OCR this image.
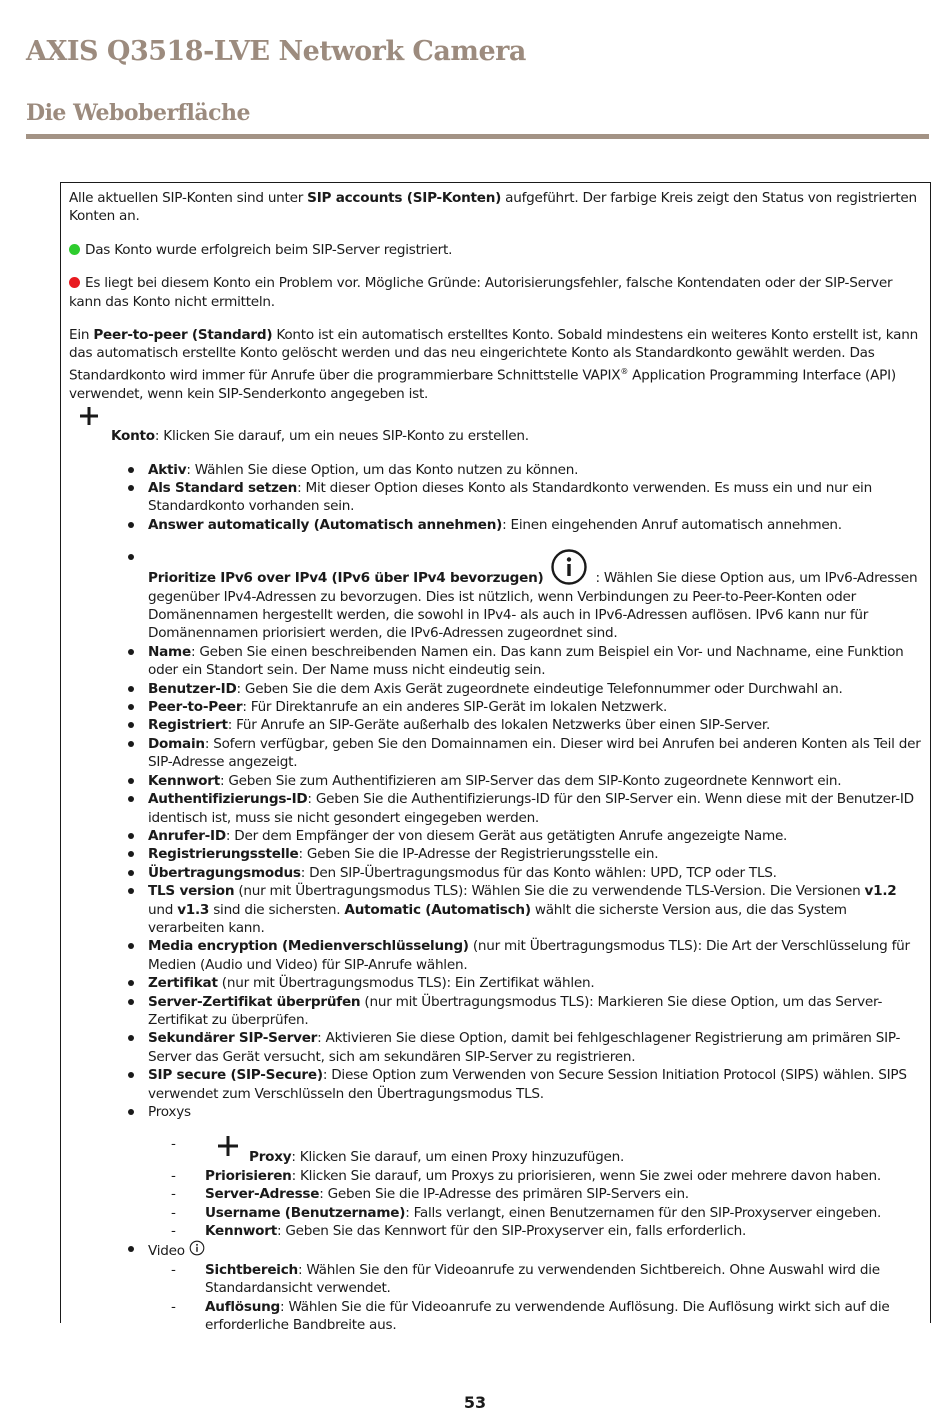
AXIS Q3518-LVE Network Camera
Die Weboberfläche

Alle aktuellen SIP-Konten sind unter SIP accounts (SIP-Konten) aufgeführt. Der farbige Kreis zeigt den Status von registrierten Konten an.

Das Konto wurde erfolgreich beim SIP-Server registriert.

Es liegt bei diesem Konto ein Problem vor. Mögliche Gründe: Autorisierungsfehler, falsche Kontendaten oder der SIP-Server kann das Konto nicht ermitteln.

Ein Peer-to-peer (Standard) Konto ist ein automatisch erstelltes Konto. Sobald mindestens ein weiteres Konto erstellt ist, kann das automatisch erstellte Konto gelöscht werden und das neu eingerichtete Konto als Standardkonto gewählt werden. Das Standardkonto wird immer für Anrufe über die programmierbare Schnittstelle VAPIX® Application Programming Interface (API) verwendet, wenn kein SIP-Senderkonto angegeben ist.

Konto: Klicken Sie darauf, um ein neues SIP-Konto zu erstellen.
Aktiv: Wählen Sie diese Option, um das Konto nutzen zu können.
Als Standard setzen: Mit dieser Option dieses Konto als Standardkonto verwenden. Es muss ein und nur ein Standardkonto vorhanden sein.
Answer automatically (Automatisch annehmen): Einen eingehenden Anruf automatisch annehmen.
Prioritize IPv6 over IPv4 (IPv6 über IPv4 bevorzugen)	: Wählen Sie diese Option aus, um IPv6-Adressen gegenüber IPv4-Adressen zu bevorzugen. Dies ist nützlich, wenn Verbindungen zu Peer-to-Peer-Konten oder Domänennamen hergestellt werden, die sowohl in IPv4- als auch in IPv6-Adressen auflösen. IPv6 kann nur für Domänennamen priorisiert werden, die IPv6-Adressen zugeordnet sind.
Name: Geben Sie einen beschreibenden Namen ein. Das kann zum Beispiel ein Vor- und Nachname, eine Funktion oder ein Standort sein. Der Name muss nicht eindeutig sein.
Benutzer-ID: Geben Sie die dem Axis Gerät zugeordnete eindeutige Telefonnummer oder Durchwahl an.
Peer-to-Peer: Für Direktanrufe an ein anderes SIP-Gerät im lokalen Netzwerk.
Registriert: Für Anrufe an SIP-Geräte außerhalb des lokalen Netzwerks über einen SIP-Server.
Domain: Sofern verfügbar, geben Sie den Domainnamen ein. Dieser wird bei Anrufen bei anderen Konten als Teil der SIP-Adresse angezeigt.
Kennwort: Geben Sie zum Authentifizieren am SIP-Server das dem SIP-Konto zugeordnete Kennwort ein.
Authentifizierungs-ID: Geben Sie die Authentifizierungs-ID für den SIP-Server ein. Wenn diese mit der Benutzer-ID identisch ist, muss sie nicht gesondert eingegeben werden.
Anrufer-ID: Der dem Empfänger der von diesem Gerät aus getätigten Anrufe angezeigte Name.
Registrierungsstelle: Geben Sie die IP-Adresse der Registrierungsstelle ein.
Übertragungsmodus: Den SIP-Übertragungsmodus für das Konto wählen: UPD, TCP oder TLS.
TLS version (nur mit Übertragungsmodus TLS): Wählen Sie die zu verwendende TLS-Version. Die Versionen v1.2 und v1.3 sind die sichersten. Automatic (Automatisch) wählt die sicherste Version aus, die das System verarbeiten kann.
Media encryption (Medienverschlüsselung) (nur mit Übertragungsmodus TLS): Die Art der Verschlüsselung für Medien (Audio und Video) für SIP-Anrufe wählen.
Zertifikat (nur mit Übertragungsmodus TLS): Ein Zertifikat wählen.
Server-Zertifikat überprüfen (nur mit Übertragungsmodus TLS): Markieren Sie diese Option, um das Server-Zertifikat zu überprüfen.
Sekundärer SIP-Server: Aktivieren Sie diese Option, damit bei fehlgeschlagener Registrierung am primären SIP-Server das Gerät versucht, sich am sekundären SIP-Server zu registrieren.
SIP secure (SIP-Secure): Diese Option zum Verwenden von Secure Session Initiation Protocol (SIPS) wählen. SIPS verwendet zum Verschlüsseln den Übertragungsmodus TLS.
Proxys
- Proxy: Klicken Sie darauf, um einen Proxy hinzuzufügen.
- Priorisieren: Klicken Sie darauf, um Proxys zu priorisieren, wenn Sie zwei oder mehrere davon haben.
- Server-Adresse: Geben Sie die IP-Adresse des primären SIP-Servers ein.
- Username (Benutzername): Falls verlangt, einen Benutzernamen für den SIP-Proxyserver eingeben.
- Kennwort: Geben Sie das Kennwort für den SIP-Proxyserver ein, falls erforderlich.
Video
- Sichtbereich: Wählen Sie den für Videoanrufe zu verwendenden Sichtbereich. Ohne Auswahl wird die Standardansicht verwendet.
- Auflösung: Wählen Sie die für Videoanrufe zu verwendende Auflösung. Die Auflösung wirkt sich auf die erforderliche Bandbreite aus.
53
